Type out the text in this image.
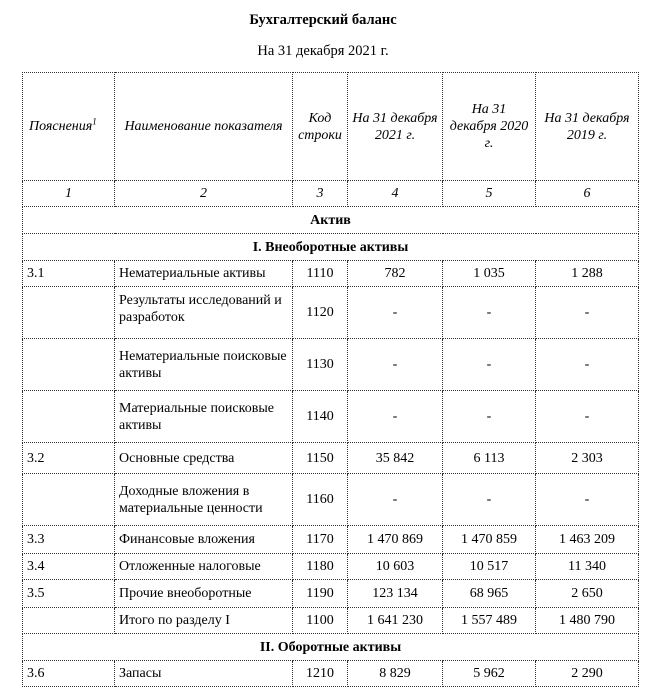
Бухгалтерский баланс
На 31 декабря 2021 г.
Пояснения$^1$	Наименование показателя	Код строки	На 31 декабря 2021 г.	На 31 декабря 2020 г.	На 31 декабря 2019 г.
1	2	3	4	5	6
Актив					
I. Внеоборотные активы					
3.1	Нематериальные активы	1110	782	1 035	1 288

	Результаты исследований и разработок	1120	-	-	-
	Нематериальные поисковые активы	1130	-	-	-
	Материальные поисковые активы	1140	-	-	-
3.2	Основные средства	1150	35 842	6 113	2 303
	Доходные вложения в материальные ценности	1160	-	-	-
3.3	Финансовые вложения	1170	1 470 869	1 470 859	1 463 209
3.4	Отложенные налоговые	1180	10 603	10 517	11 340
3.5	Прочие внеоборотные	1190	123 134	68 965	2 650
	Итого по разделу I	1100	1 641 230	1 557 489	1 480 790
II. Оборотные активы					
3.6	Запасы	1210	8 829	5 962	2 290
